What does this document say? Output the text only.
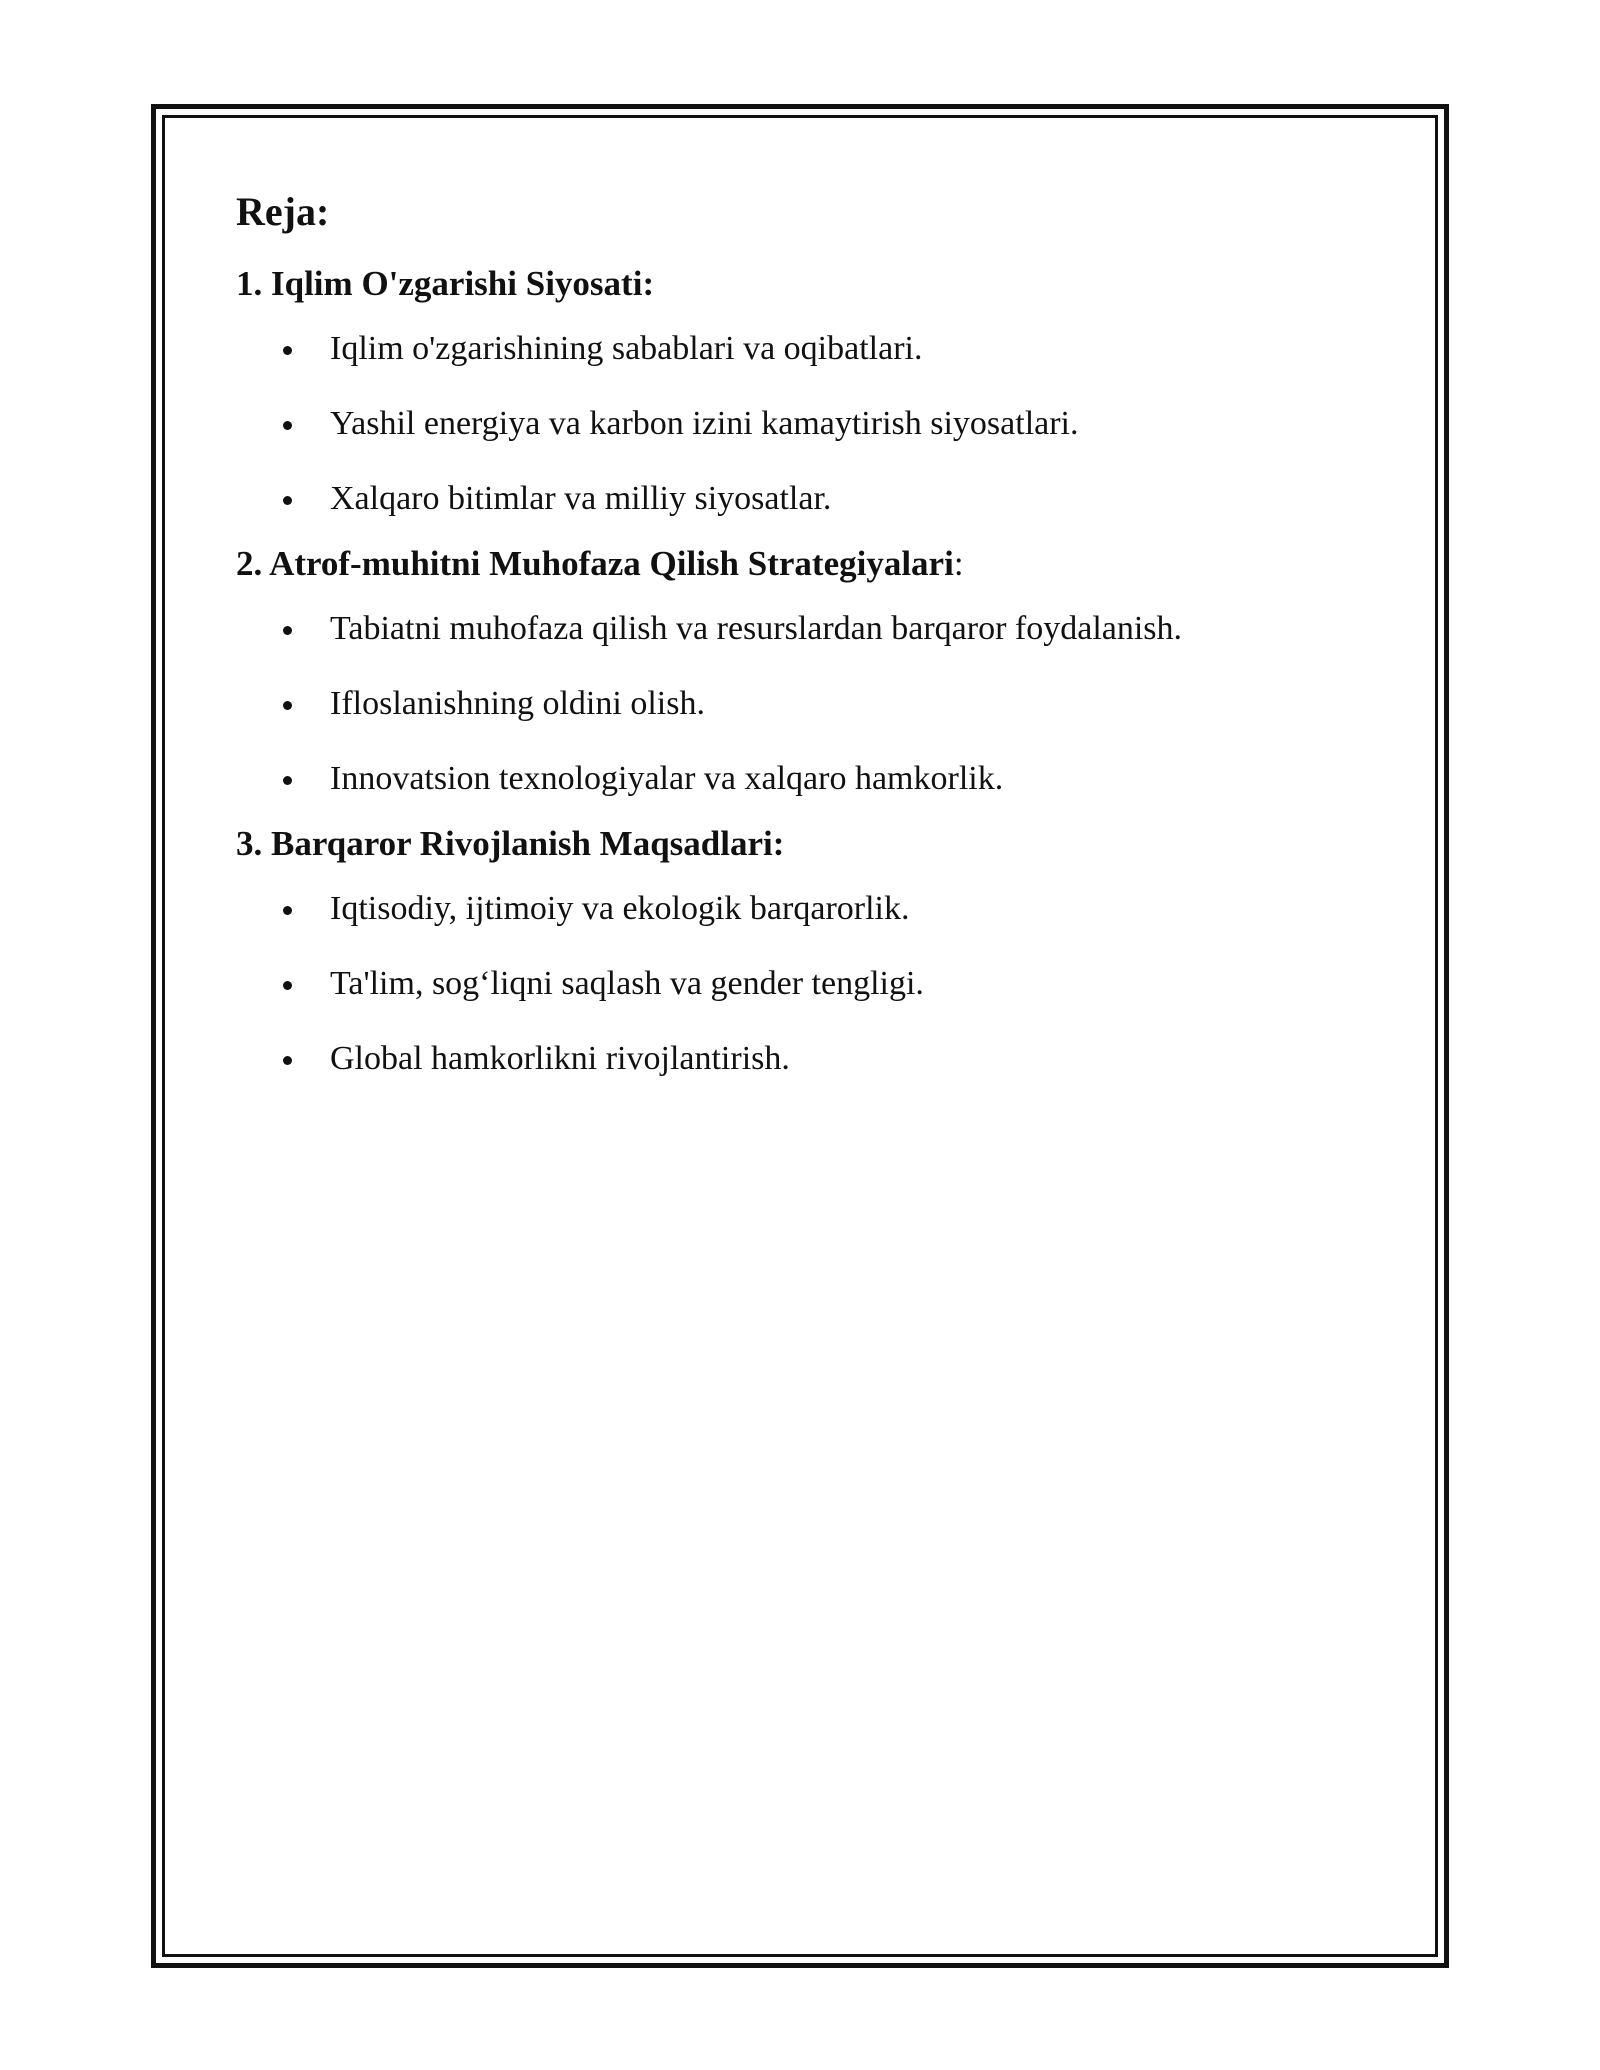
Reja:
1. Iqlim O'zgarishi Siyosati:
Iqlim o'zgarishining sabablari va oqibatlari.
Yashil energiya va karbon izini kamaytirish siyosatlari.
Xalqaro bitimlar va milliy siyosatlar.
2. Atrof-muhitni Muhofaza Qilish Strategiyalari:
Tabiatni muhofaza qilish va resurslardan barqaror foydalanish.
Ifloslanishning oldini olish.
Innovatsion texnologiyalar va xalqaro hamkorlik.
3. Barqaror Rivojlanish Maqsadlari:
Iqtisodiy, ijtimoiy va ekologik barqarorlik.
Ta'lim, sog‘liqni saqlash va gender tengligi.
Global hamkorlikni rivojlantirish.
